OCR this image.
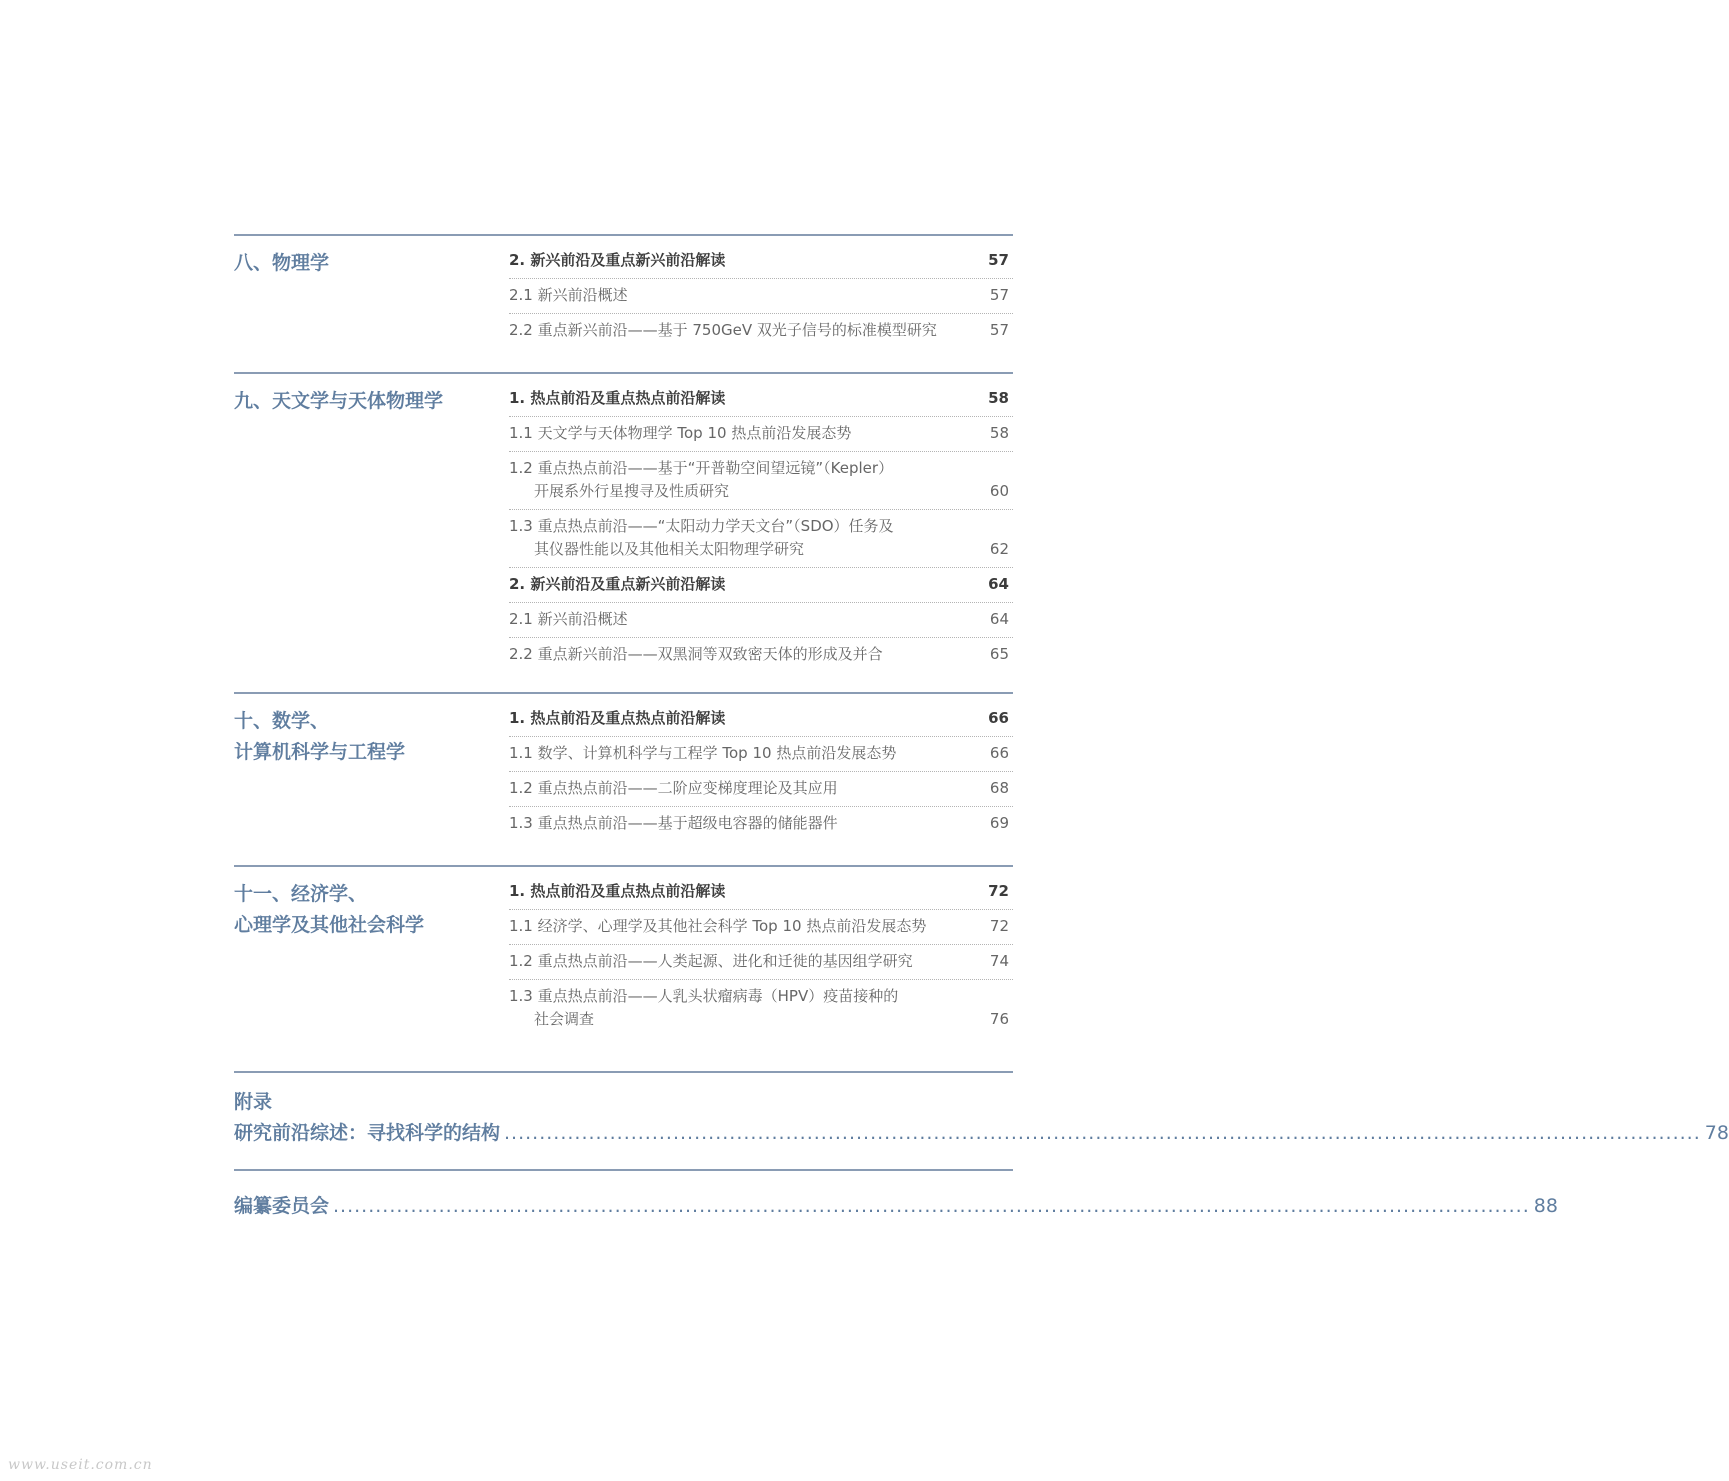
八、物理学	2. 新兴前沿及重点新兴前沿解读	57
2.1 新兴前沿概述	57
2.2 重点新兴前沿——基于 750GeV 双光子信号的标准模型研究	57
九、天文学与天体物理学	1. 热点前沿及重点热点前沿解读	58
1.1 天文学与天体物理学 Top 10 热点前沿发展态势	58
1.2 重点热点前沿——基于“开普勒空间望远镜”（Kepler）
开展系外行星搜寻及性质研究	60
1.3 重点热点前沿——“太阳动力学天文台”（SDO）任务及
其仪器性能以及其他相关太阳物理学研究	62
2. 新兴前沿及重点新兴前沿解读	64
2.1 新兴前沿概述	64
2.2 重点新兴前沿——双黑洞等双致密天体的形成及并合	65
十、数学、
计算机科学与工程学
1. 热点前沿及重点热点前沿解读	66
1.1 数学、计算机科学与工程学 Top 10 热点前沿发展态势	66
1.2 重点热点前沿——二阶应变梯度理论及其应用	68
1.3 重点热点前沿——基于超级电容器的储能器件	69
十一、经济学、
心理学及其他社会科学
1. 热点前沿及重点热点前沿解读	72
1.1 经济学、心理学及其他社会科学 Top 10 热点前沿发展态势	72
1.2 重点热点前沿——人类起源、进化和迁徙的基因组学研究	74
1.3 重点热点前沿——人乳头状瘤病毒（HPV）疫苗接种的
社会调查	76
附录
研究前沿综述：寻找科学的结构 .......................................................................................................................................................................... 78
编纂委员会 .......................................................................................................................................................................... 88
www.useit.com.cn
